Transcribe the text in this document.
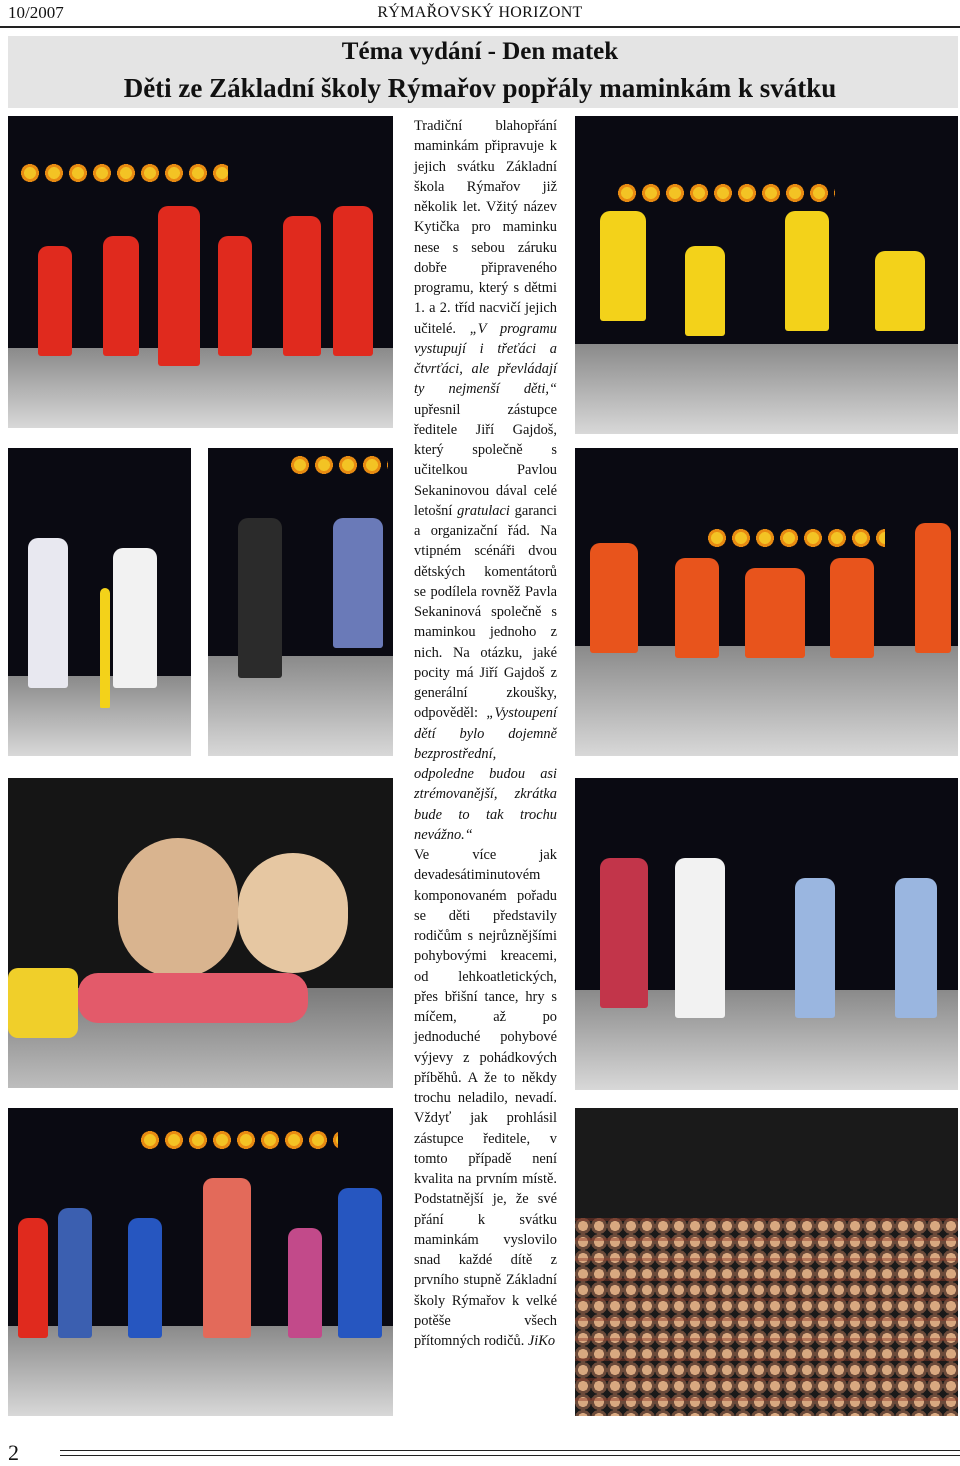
10/2007	RÝMAŘOVSKÝ HORIZONT
Téma vydání - Den matek
Děti ze Základní školy Rýmařov popřály maminkám k svátku

Tradiční blahopřání maminkám připravuje k jejich svátku Základní škola Rýmařov již několik let. Vžitý název Kytička pro maminku nese s sebou záruku dobře připraveného programu, který s dětmi 1. a 2. tříd nacvičí jejich učitelé. „V programu vystupují i třeťáci a čtvrťáci, ale převládají ty nejmenší děti,“ upřesnil zástupce ředitele Jiří Gajdoš, který společně s učitelkou Pavlou Sekaninovou dával celé letošní gratulaci garanci a organizační řád. Na vtipném scénáři dvou dětských komentátorů se podílela rovněž Pavla Sekaninová společně s maminkou jednoho z nich. Na otázku, jaké pocity má Jiří Gajdoš z generální zkoušky, odpověděl: „Vystoupení dětí bylo dojemně bezprostřední, odpoledne budou asi ztrémovanější, zkrátka bude to tak trochu nevážno.“

Ve více jak devadesátiminutovém komponovaném pořadu se děti představily rodičům s nejrůznějšími pohybovými kreacemi, od lehkoatletických, přes břišní tance, hry s míčem, až po jednoduché pohybové výjevy z pohádkových příběhů. A že to někdy trochu neladilo, nevadí. Vždyť jak prohlásil zástupce ředitele, v tomto případě není kvalita na prvním místě. Podstatnější je, že své přání k svátku maminkám vyslovilo snad každé dítě z prvního stupně Základní školy Rýmařov k velké potěše všech přítomných rodičů. JiKo

2
